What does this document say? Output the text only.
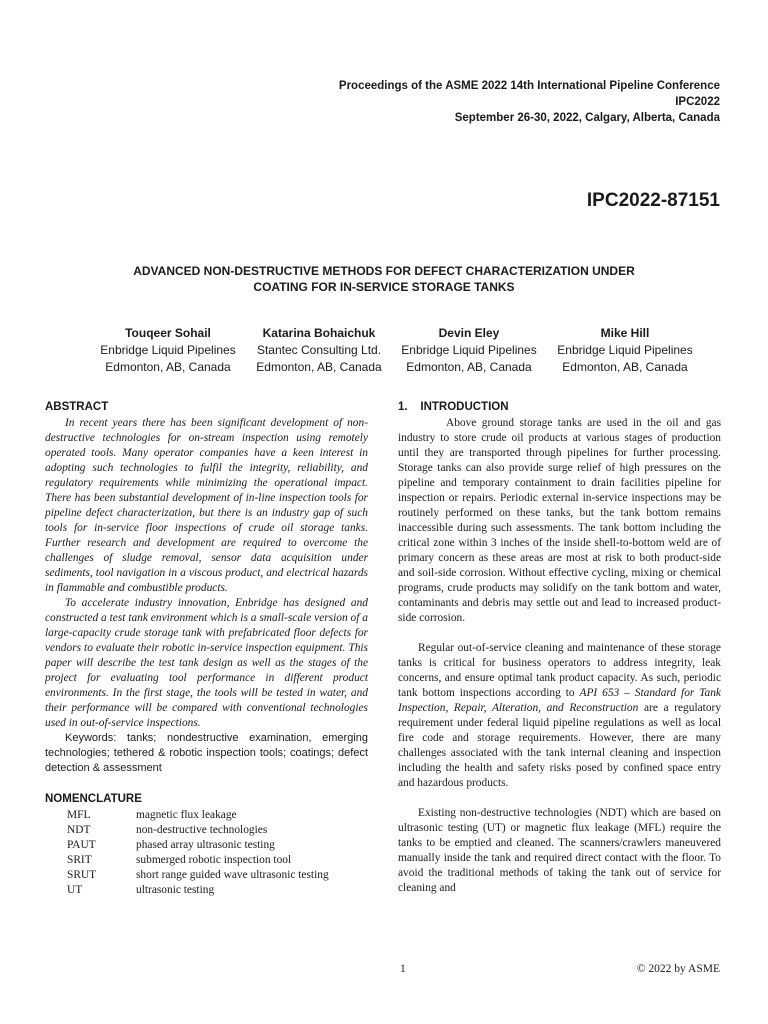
Proceedings of the ASME 2022 14th International Pipeline Conference
IPC2022
September 26-30, 2022, Calgary, Alberta, Canada
IPC2022-87151
ADVANCED NON-DESTRUCTIVE METHODS FOR DEFECT CHARACTERIZATION UNDER
COATING FOR IN-SERVICE STORAGE TANKS
Touqeer Sohail
Enbridge Liquid Pipelines
Edmonton, AB, Canada
Katarina Bohaichuk
Stantec Consulting Ltd.
Edmonton, AB, Canada
Devin Eley
Enbridge Liquid Pipelines
Edmonton, AB, Canada
Mike Hill
Enbridge Liquid Pipelines
Edmonton, AB, Canada
ABSTRACT

In recent years there has been significant development of non-destructive technologies for on-stream inspection using remotely operated tools. Many operator companies have a keen interest in adopting such technologies to fulfil the integrity, reliability, and regulatory requirements while minimizing the operational impact. There has been substantial development of in-line inspection tools for pipeline defect characterization, but there is an industry gap of such tools for in-service floor inspections of crude oil storage tanks. Further research and development are required to overcome the challenges of sludge removal, sensor data acquisition under sediments, tool navigation in a viscous product, and electrical hazards in flammable and combustible products.

To accelerate industry innovation, Enbridge has designed and constructed a test tank environment which is a small-scale version of a large-capacity crude storage tank with prefabricated floor defects for vendors to evaluate their robotic in-service inspection equipment. This paper will describe the test tank design as well as the stages of the project for evaluating tool performance in different product environments. In the first stage, the tools will be tested in water, and their performance will be compared with conventional technologies used in out-of-service inspections.

Keywords: tanks; nondestructive examination, emerging technologies; tethered & robotic inspection tools; coatings; defect detection & assessment

NOMENCLATURE
MFL	magnetic flux leakage
NDT	non-destructive technologies
PAUT	phased array ultrasonic testing
SRIT	submerged robotic inspection tool
SRUT	short range guided wave ultrasonic testing
UT	ultrasonic testing
1.    INTRODUCTION

Above ground storage tanks are used in the oil and gas industry to store crude oil products at various stages of production until they are transported through pipelines for further processing. Storage tanks can also provide surge relief of high pressures on the pipeline and temporary containment to drain facilities pipeline for inspection or repairs. Periodic external in-service inspections may be routinely performed on these tanks, but the tank bottom remains inaccessible during such assessments. The tank bottom including the critical zone within 3 inches of the inside shell-to-bottom weld are of primary concern as these areas are most at risk to both product-side and soil-side corrosion. Without effective cycling, mixing or chemical programs, crude products may solidify on the tank bottom and water, contaminants and debris may settle out and lead to increased product-side corrosion.

Regular out-of-service cleaning and maintenance of these storage tanks is critical for business operators to address integrity, leak concerns, and ensure optimal tank product capacity. As such, periodic tank bottom inspections according to API 653 – Standard for Tank Inspection, Repair, Alteration, and Reconstruction are a regulatory requirement under federal liquid pipeline regulations as well as local fire code and storage requirements. However, there are many challenges associated with the tank internal cleaning and inspection including the health and safety risks posed by confined space entry and hazardous products.

Existing non-destructive technologies (NDT) which are based on ultrasonic testing (UT) or magnetic flux leakage (MFL) require the tanks to be emptied and cleaned. The scanners/crawlers maneuvered manually inside the tank and required direct contact with the floor. To avoid the traditional methods of taking the tank out of service for cleaning and

1	© 2022 by ASME
